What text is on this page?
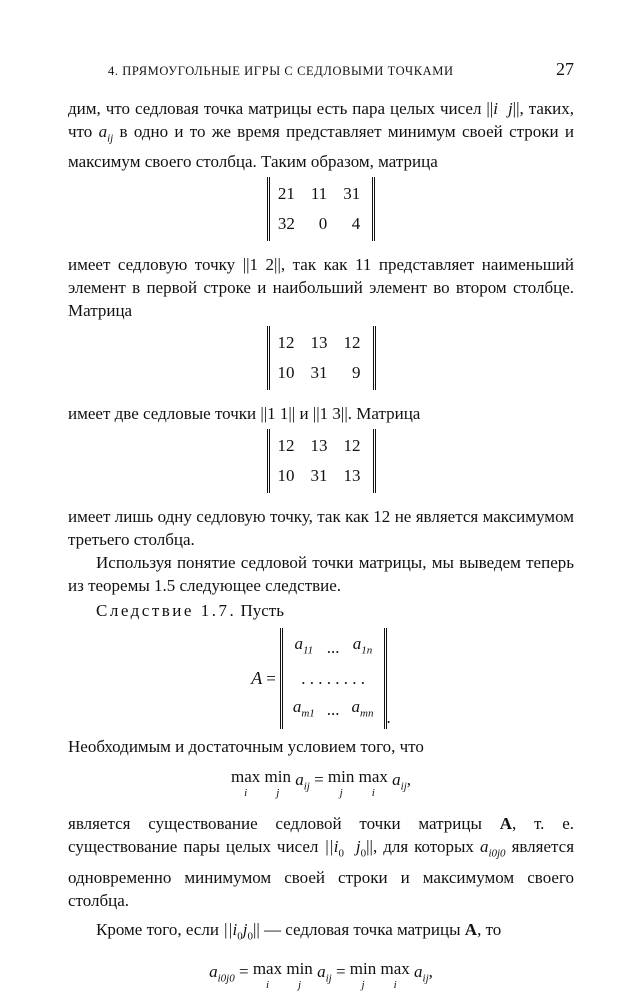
4. ПРЯМОУГОЛЬНЫЕ ИГРЫ С СЕДЛОВЫМИ ТОЧКАМИ	27

дим, что седловая точка матрицы есть пара целых чисел ||i j||, таких, что $a_{ij}$ в одно и то же время представляет минимум своей строки и максимум своего столбца. Таким образом, матрица

21	11	31
32	0	4

имеет седловую точку ||1 2||, так как 11 представляет наименьший элемент в первой строке и наибольший элемент во втором столбце. Матрица

12	13	12
10	31	9

имеет две седловые точки ||1 1|| и ||1 3||. Матрица

12	13	12
10	31	13

имеет лишь одну седловую точку, так как 12 не является максимумом третьего столбца.

Используя понятие седловой точки матрицы, мы выведем теперь из теоремы 1.5 следующее следствие.

Следствие 1.7. Пусть

A =
$a_{11}$	...	$a_{1n}$
. . . . . . . .		
$a_{m1}$	...	$a_{mn}$ .

Необходимым и достаточным условием того, что

max
i
min
j
$a_{ij} = \min$
j
max
i
$a_{ij}$,

является существование седловой точки матрицы A, т. е. существование пары целых чисел $||i_0$ $j_0||$, для которых $a_{i0j0}$ является одновременно минимумом своей строки и максимумом своего столбца.

Кроме того, если $||i_0j_0||$ — седловая точка матрицы A, то

$a_{i0j0} = \max$
i
min
j
$a_{ij} = \min$
j
max
i
$a_{ij}$,
